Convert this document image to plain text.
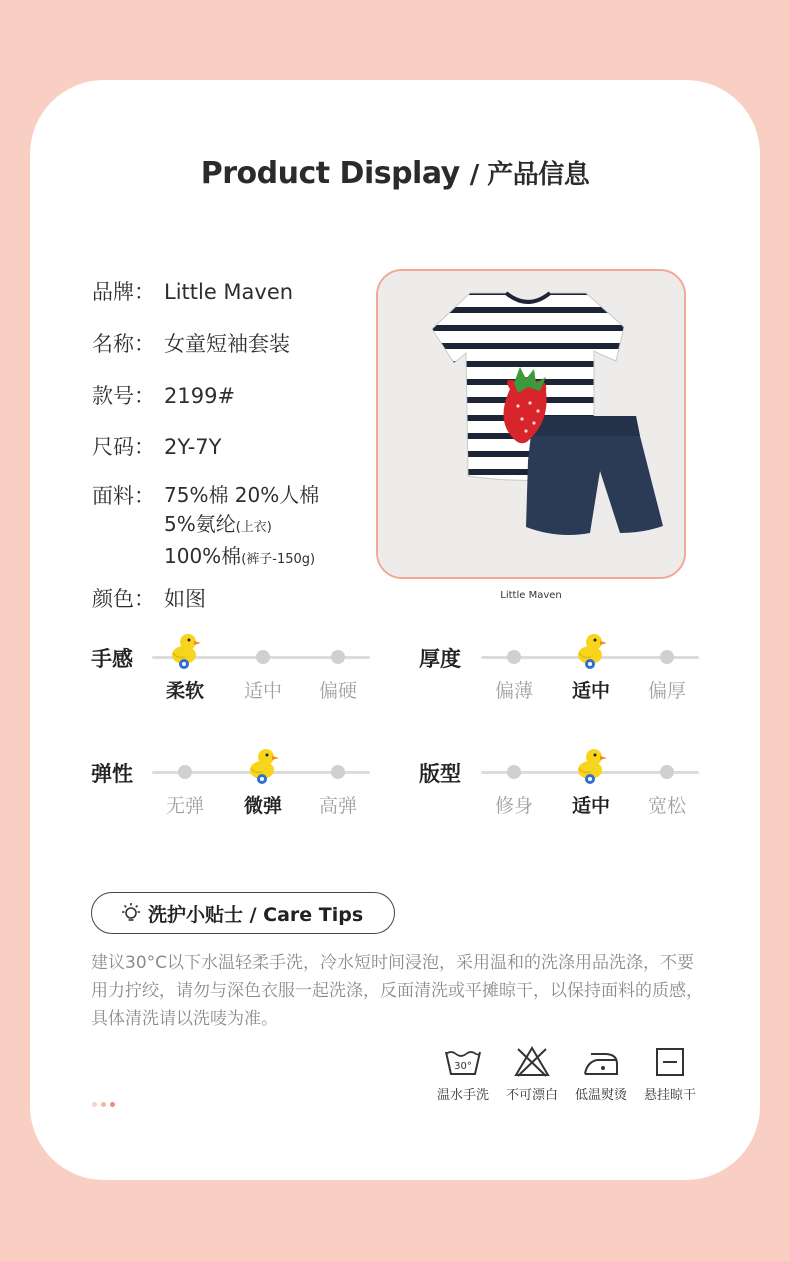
Product Display / 产品信息
品牌： Little Maven
名称： 女童短袖套装
款号： 2199#
尺码： 2Y-7Y
面料： 75%棉 20%人棉
5%氨纶(上衣)
100%棉(裤子-150g)
颜色： 如图	Little Maven
手感
柔软	适中	偏硬
厚度
偏薄	适中	偏厚
弹性
无弹	微弹	高弹
版型
修身	适中	宽松
洗护小贴士 / Care Tips
建议30°C以下水温轻柔手洗，冷水短时间浸泡，采用温和的洗涤用品洗涤，不要用力拧绞，请勿与深色衣服一起洗涤，反面清洗或平摊晾干，以保持面料的质感，具体清洗请以洗唛为准。
30°
温水手洗	不可漂白	低温熨烫	悬挂晾干
